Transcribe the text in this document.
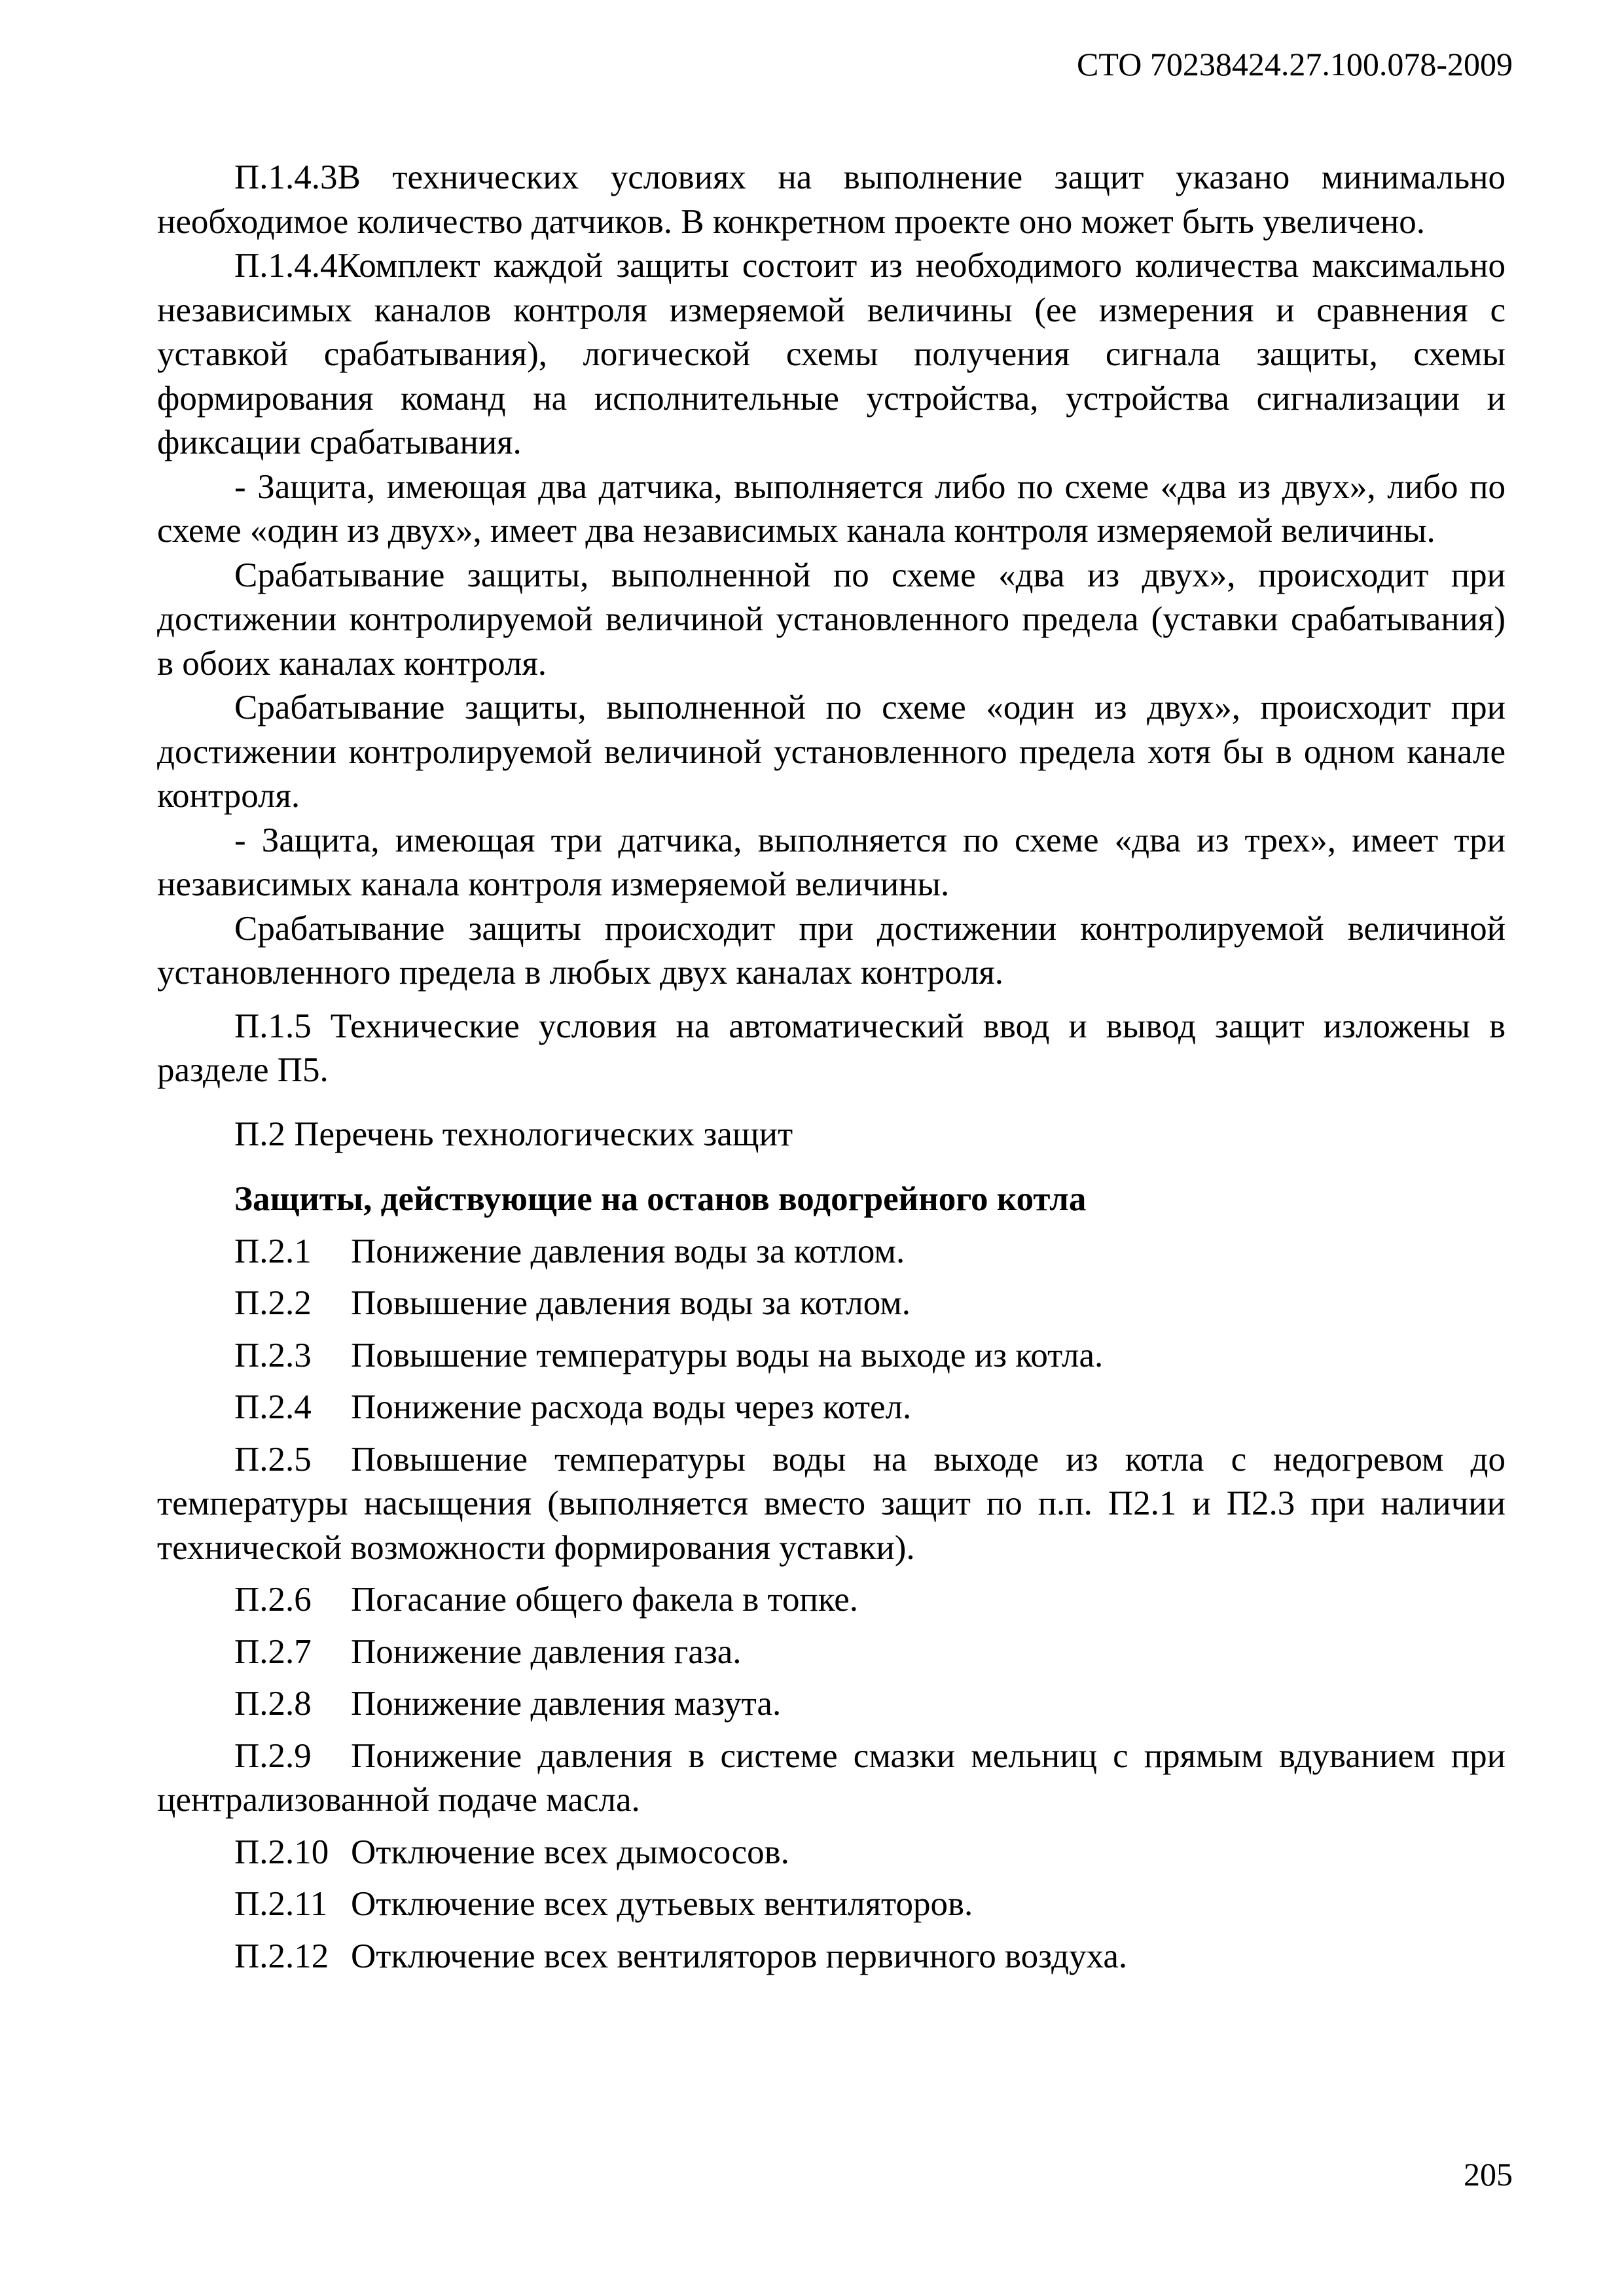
СТО 70238424.27.100.078-2009

П.1.4.3В технических условиях на выполнение защит указано минимально необходимое количество датчиков. В конкретном проекте оно может быть увеличено.

П.1.4.4Комплект каждой защиты состоит из необходимого количества максимально независимых каналов контроля измеряемой величины (ее измерения и сравнения с уставкой срабатывания), логической схемы получения сигнала защиты, схемы формирования команд на исполнительные устройства, устройства сигнализации и фиксации срабатывания.

- Защита, имеющая два датчика, выполняется либо по схеме «два из двух», либо по схеме «один из двух», имеет два независимых канала контроля измеряемой величины.

Срабатывание защиты, выполненной по схеме «два из двух», происходит при достижении контролируемой величиной установленного предела (уставки срабатывания) в обоих каналах контроля.

Срабатывание защиты, выполненной по схеме «один из двух», происходит при достижении контролируемой величиной установленного предела хотя бы в одном канале контроля.

- Защита, имеющая три датчика, выполняется по схеме «два из трех», имеет три независимых канала контроля измеряемой величины.

Срабатывание защиты происходит при достижении контролируемой величиной установленного предела в любых двух каналах контроля.

П.1.5 Технические условия на автоматический ввод и вывод защит изложены в разделе П5.

П.2 Перечень технологических защит

Защиты, действующие на останов водогрейного котла

П.2.1 Понижение давления воды за котлом.

П.2.2 Повышение давления воды за котлом.

П.2.3 Повышение температуры воды на выходе из котла.

П.2.4 Понижение расхода воды через котел.

П.2.5 Повышение температуры воды на выходе из котла с недогревом до температуры насыщения (выполняется вместо защит по п.п. П2.1 и П2.3 при наличии технической возможности формирования уставки).

П.2.6 Погасание общего факела в топке.

П.2.7 Понижение давления газа.

П.2.8 Понижение давления мазута.

П.2.9 Понижение давления в системе смазки мельниц с прямым вдуванием при централизованной подаче масла.

П.2.10 Отключение всех дымососов.

П.2.11 Отключение всех дутьевых вентиляторов.

П.2.12 Отключение всех вентиляторов первичного воздуха.

205
